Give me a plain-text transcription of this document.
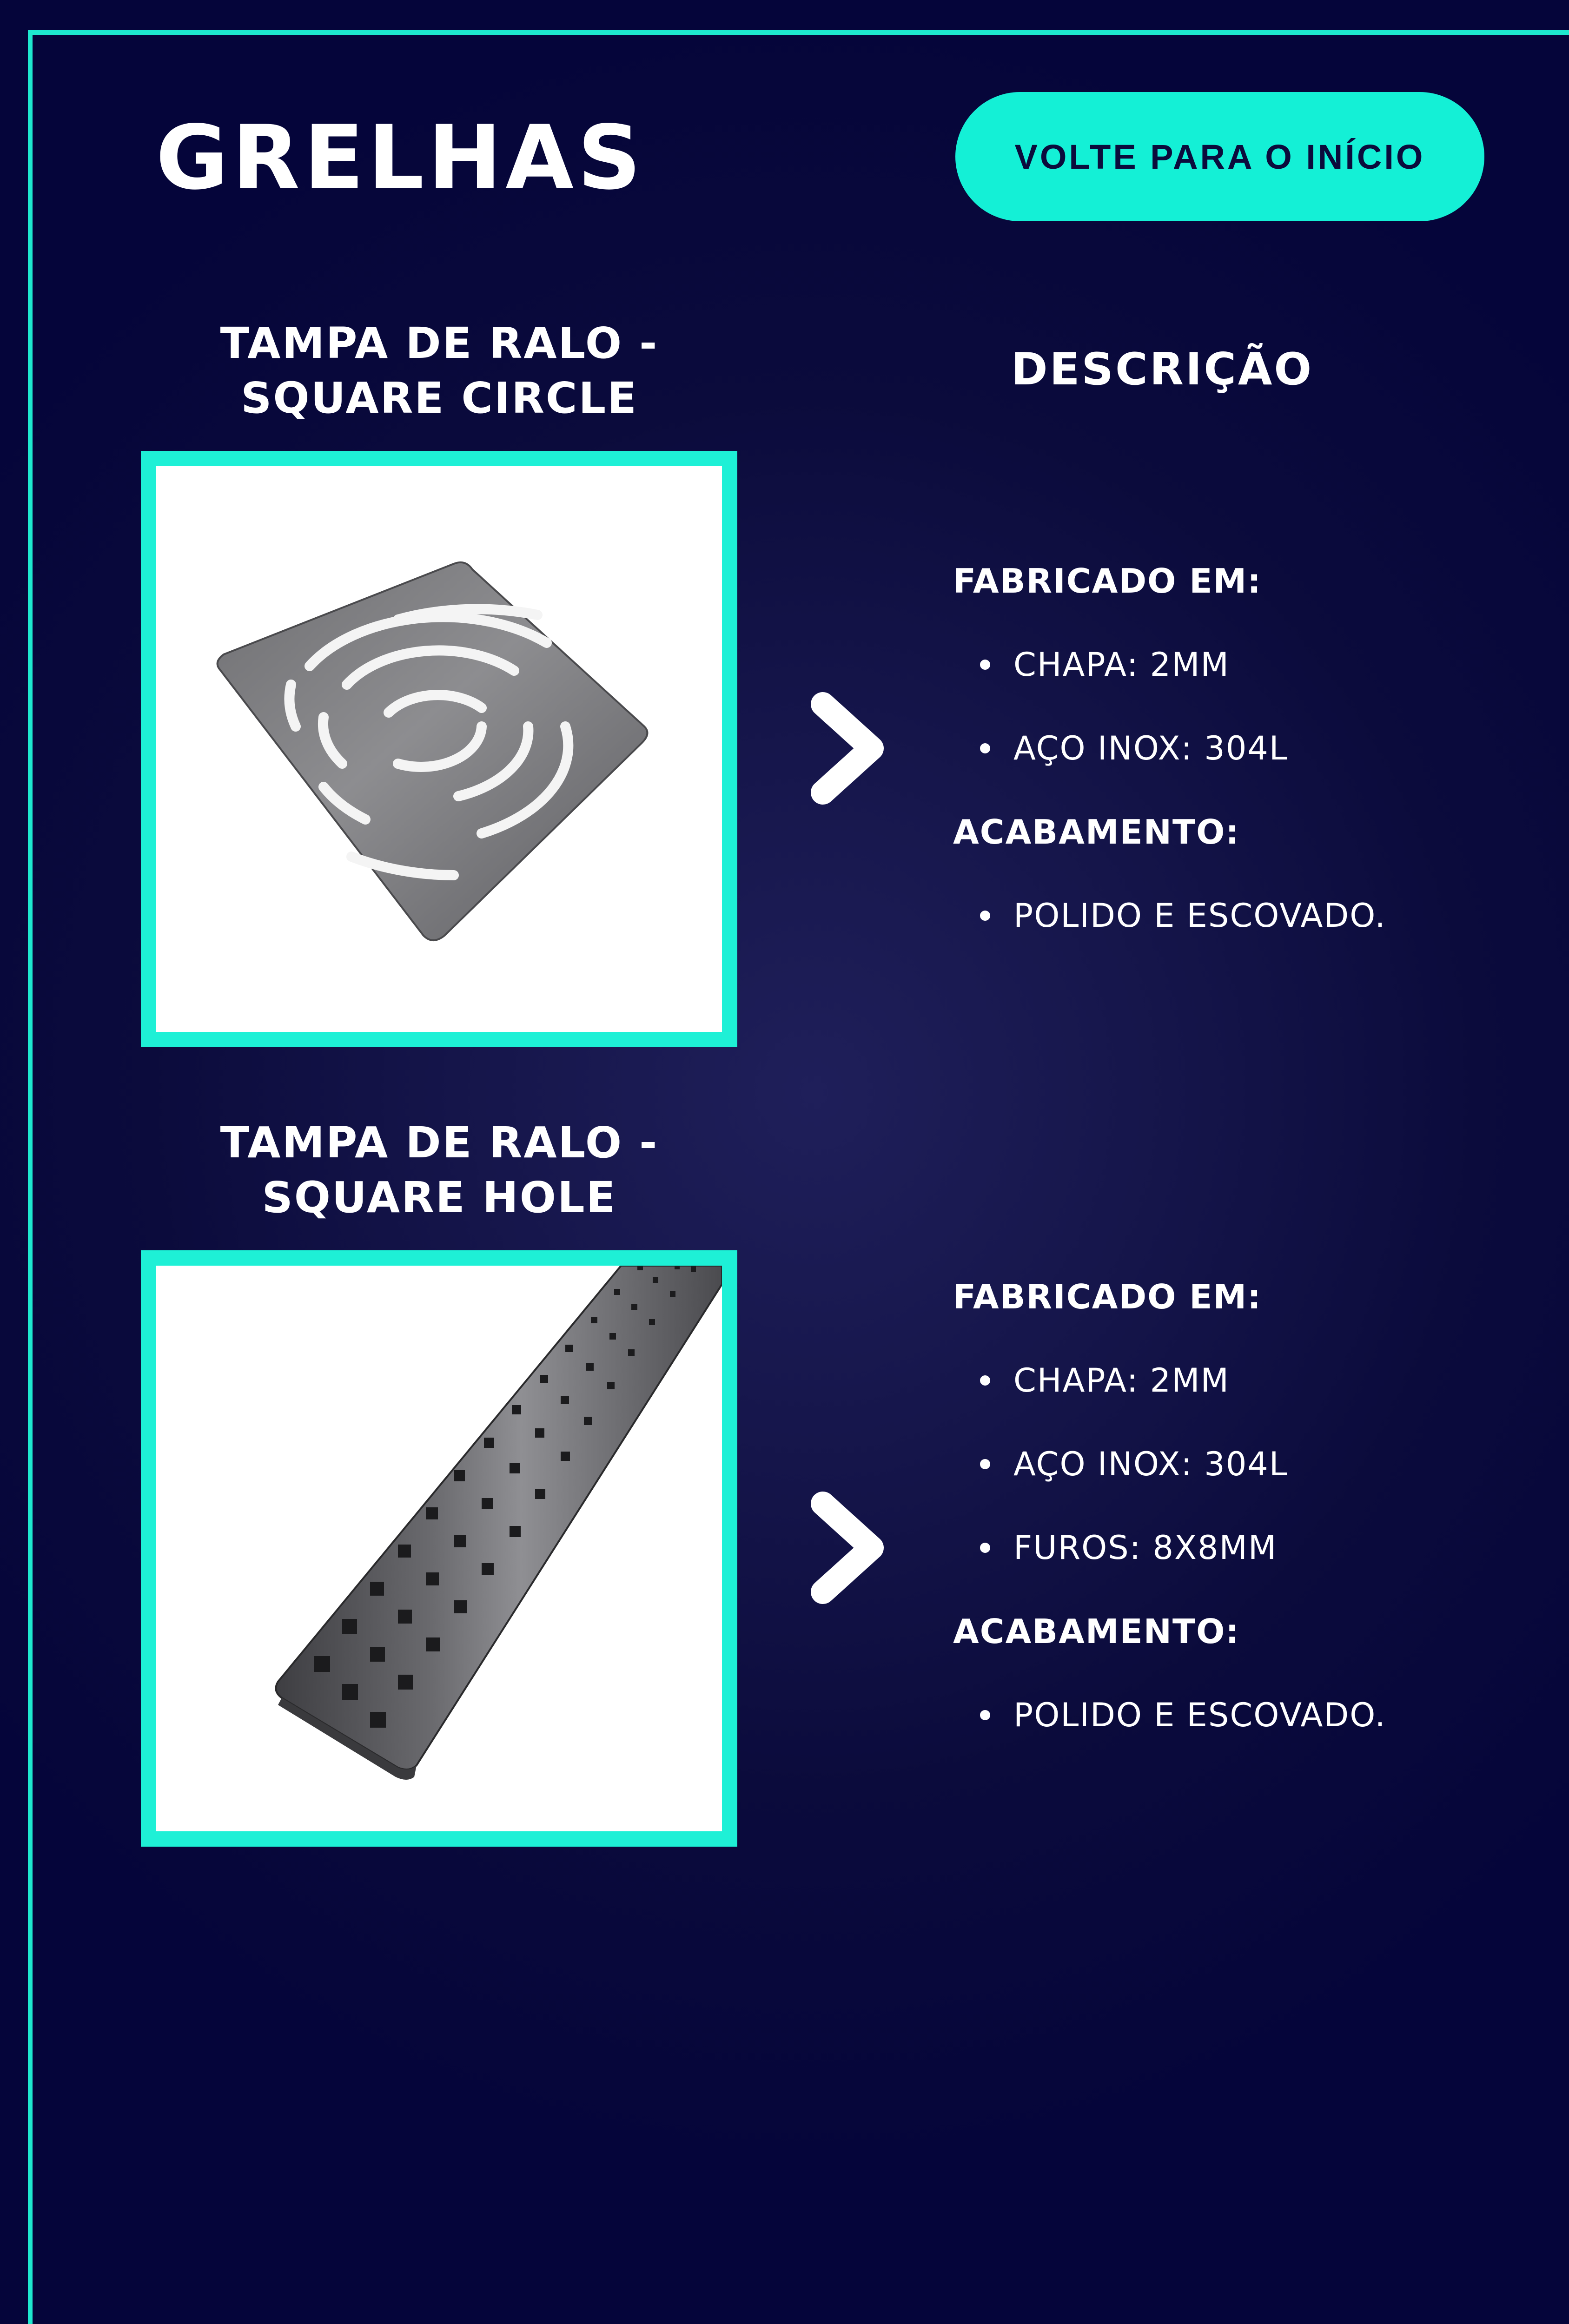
GRELHAS	VOLTE PARA O INÍCIO
TAMPA DE RALO -
SQUARE CIRCLE
DESCRIÇÃO
FABRICADO EM:
CHAPA: 2MM
AÇO INOX: 304L
ACABAMENTO:
POLIDO E ESCOVADO.
TAMPA DE RALO -
SQUARE HOLE
FABRICADO EM:
CHAPA: 2MM
AÇO INOX: 304L
FUROS: 8X8MM
ACABAMENTO:
POLIDO E ESCOVADO.
